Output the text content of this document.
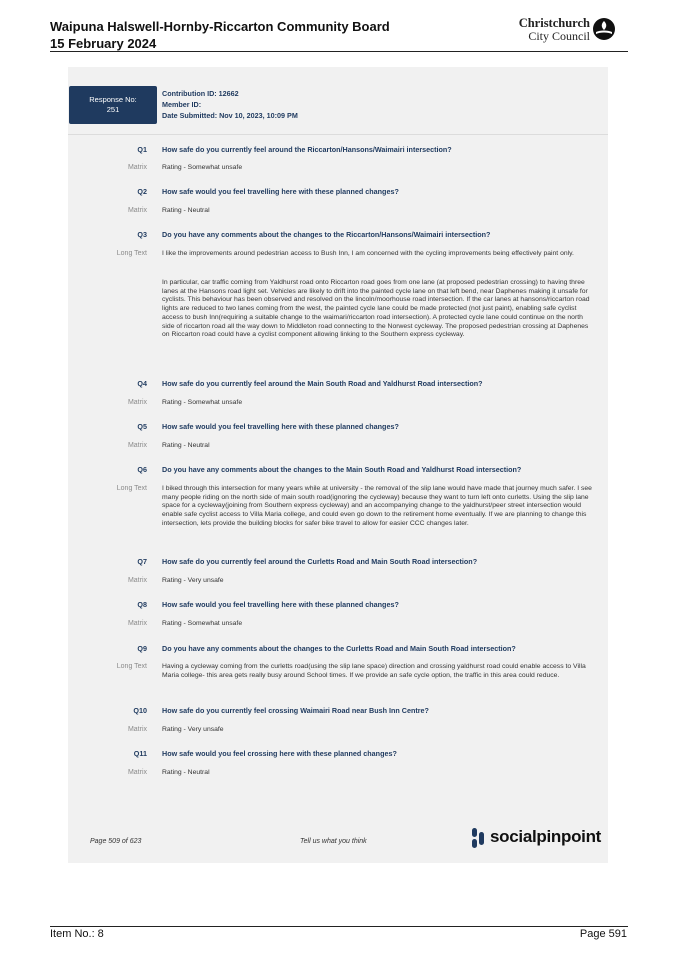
Waipuna Halswell-Hornby-Riccarton Community Board
15 February 2024
Christchurch
City Council
Response No:
251
Contribution ID: 12662
Member ID:
Date Submitted: Nov 10, 2023, 10:09 PM
Q1 How safe do you currently feel around the Riccarton/Hansons/Waimairi intersection?
Matrix Rating - Somewhat unsafe
Q2 How safe would you feel travelling here with these planned changes?
Matrix Rating - Neutral
Q3 Do you have any comments about the changes to the Riccarton/Hansons/Waimairi intersection?
Long Text I like the improvements around pedestrian access to Bush Inn, I am concerned with the cycling improvements being effectively paint only.
In particular, car traffic coming from Yaldhurst road onto Riccarton road goes from one lane (at proposed pedestrian crossing) to having three lanes at the Hansons road light set. Vehicles are likely to drift into the painted cycle lane on that left bend, near Daphenes making it unsafe for cyclists. This behaviour has been observed and resolved on the lincoln/moorhouse road intersection. If the car lanes at hansons/riccarton road lights are reduced to two lanes coming from the west, the painted cycle lane could be made protected (not just paint), enabling safe cyclist access to bush Inn(requiring a suitable change to the waimari/riccarton road intersection). A protected cycle lane could continue on the north side of riccarton road all the way down to Middleton road connecting to the Norwest cycleway. The proposed pedestrian crossing at Daphenes on Riccarton road could have a cyclist component allowing linking to the Southern express cycleway.
Q4 How safe do you currently feel around the Main South Road and Yaldhurst Road intersection?
Matrix Rating - Somewhat unsafe
Q5 How safe would you feel travelling here with these planned changes?
Matrix Rating - Neutral
Q6 Do you have any comments about the changes to the Main South Road and Yaldhurst Road intersection?
Long Text I biked through this intersection for many years while at university - the removal of the slip lane would have made that journey much safer. I see many people riding on the north side of main south road(ignoring the cycleway) because they want to turn left onto curletts. Using the slip lane space for a cycleway(joining from Southern express cycleway) and an accompanying change to the yaldhurst/peer street intersection would enable safe cyclist access to Villa Maria college, and could even go down to the retirement home eventually. If we are planning to change this intersection, lets provide the building blocks for safer bike travel to allow for easier CCC changes later.
Q7 How safe do you currently feel around the Curletts Road and Main South Road intersection?
Matrix Rating - Very unsafe
Q8 How safe would you feel travelling here with these planned changes?
Matrix Rating - Somewhat unsafe
Q9 Do you have any comments about the changes to the Curletts Road and Main South Road intersection?
Long Text Having a cycleway coming from the curletts road(using the slip lane space) direction and crossing yaldhurst road could enable access to Villa Maria college- this area gets really busy around School times. If we provide an safe cycle option, the traffic in this area could reduce.
Q10 How safe do you currently feel crossing Waimairi Road near Bush Inn Centre?
Matrix Rating - Very unsafe
Q11 How safe would you feel crossing here with these planned changes?
Matrix Rating - Neutral
Page 509 of 623	Tell us what you think	socialpinpoint
Item No.: 8	Page 591
